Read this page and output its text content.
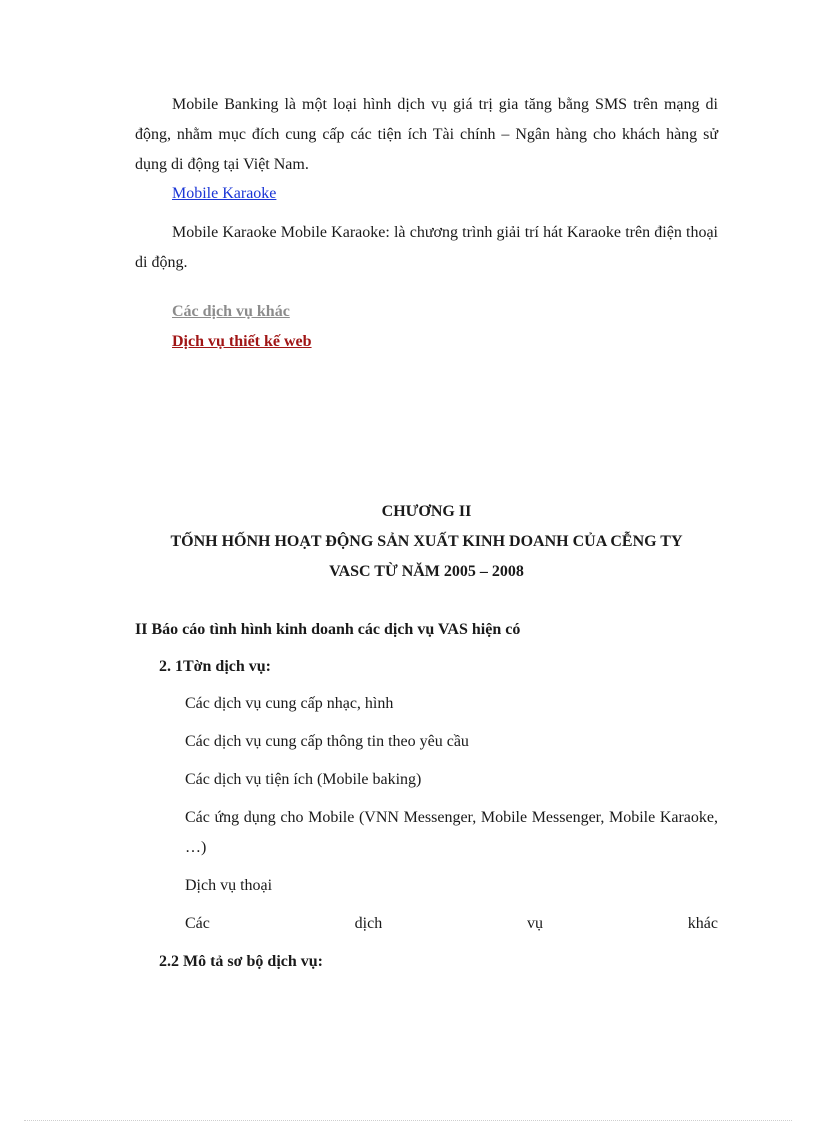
Mobile Banking là một loại hình dịch vụ giá trị gia tăng bằng SMS trên mạng di động, nhằm mục đích cung cấp các tiện ích Tài chính – Ngân hàng cho khách hàng sử dụng di động tại Việt Nam.

Mobile Karaoke

Mobile Karaoke Mobile Karaoke: là chương trình giải trí hát Karaoke trên điện thoại di động.

Các dịch vụ khác
Dịch vụ thiết kế web

CHƯƠNG II

TỐNH HỐNH HOẠT ĐỘNG SẢN XUẤT KINH DOANH CỦA CỄNG TY

VASC TỪ NĂM 2005 – 2008

II Báo cáo tình hình kinh doanh các dịch vụ VAS hiện có

2. 1Tờn dịch vụ:

Các dịch vụ cung cấp nhạc, hình

Các dịch vụ cung cấp thông tin theo yêu cầu

Các dịch vụ tiện ích (Mobile baking)

Các ứng dụng cho Mobile (VNN Messenger, Mobile Messenger, Mobile Karaoke, …)

Dịch vụ thoại

Các	dịch	vụ	khác

2.2 Mô tả sơ bộ dịch vụ:
